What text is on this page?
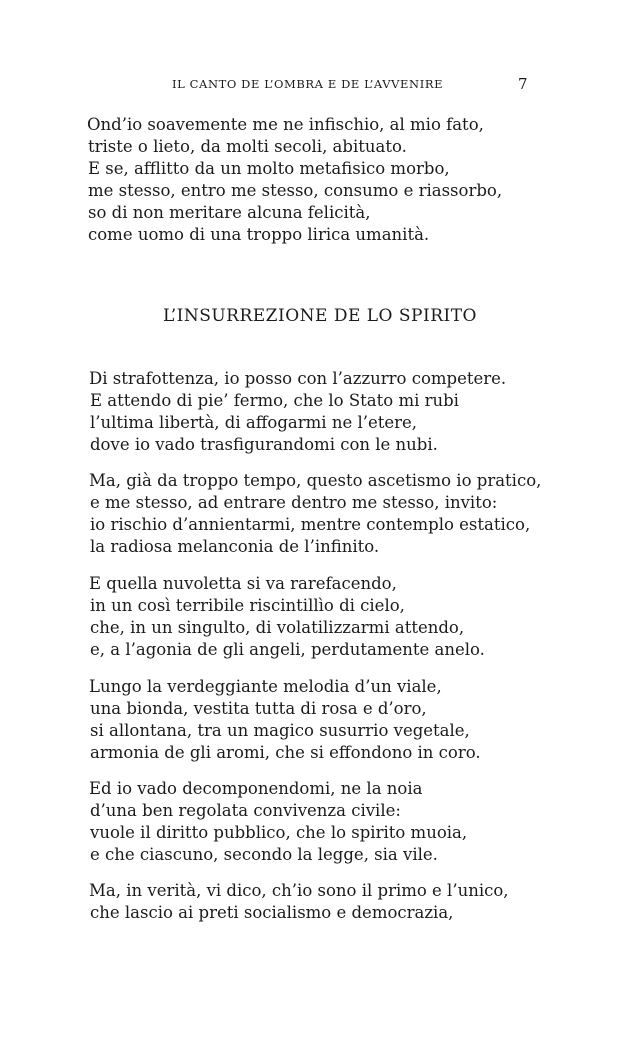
IL CANTO DE L’OMBRA E DE L’AVVENIRE	7
Ond’io soavemente me ne infischio, al mio fato,
triste o lieto, da molti secoli, abituato.
E se, afflitto da un molto metafisico morbo,
me stesso, entro me stesso, consumo e riassorbo,
so di non meritare alcuna felicità,
come uomo di una troppo lirica umanità.
L’INSURREZIONE DE LO SPIRITO
Di strafottenza, io posso con l’azzurro competere.
E attendo di pie’ fermo, che lo Stato mi rubi
l’ultima libertà, di affogarmi ne l’etere,
dove io vado trasfigurandomi con le nubi.
Ma, già da troppo tempo, questo ascetismo io pratico,
e me stesso, ad entrare dentro me stesso, invito:
io rischio d’annientarmi, mentre contemplo estatico,
la radiosa melanconia de l’infinito.
E quella nuvoletta si va rarefacendo,
in un così terribile riscintillìo di cielo,
che, in un singulto, di volatilizzarmi attendo,
e, a l’agonia de gli angeli, perdutamente anelo.
Lungo la verdeggiante melodia d’un viale,
una bionda, vestita tutta di rosa e d’oro,
si allontana, tra un magico susurrio vegetale,
armonia de gli aromi, che si effondono in coro.
Ed io vado decomponendomi, ne la noia
d’una ben regolata convivenza civile:
vuole il diritto pubblico, che lo spirito muoia,
e che ciascuno, secondo la legge, sia vile.
Ma, in verità, vi dico, ch’io sono il primo e l’unico,
che lascio ai preti socialismo e democrazia,
